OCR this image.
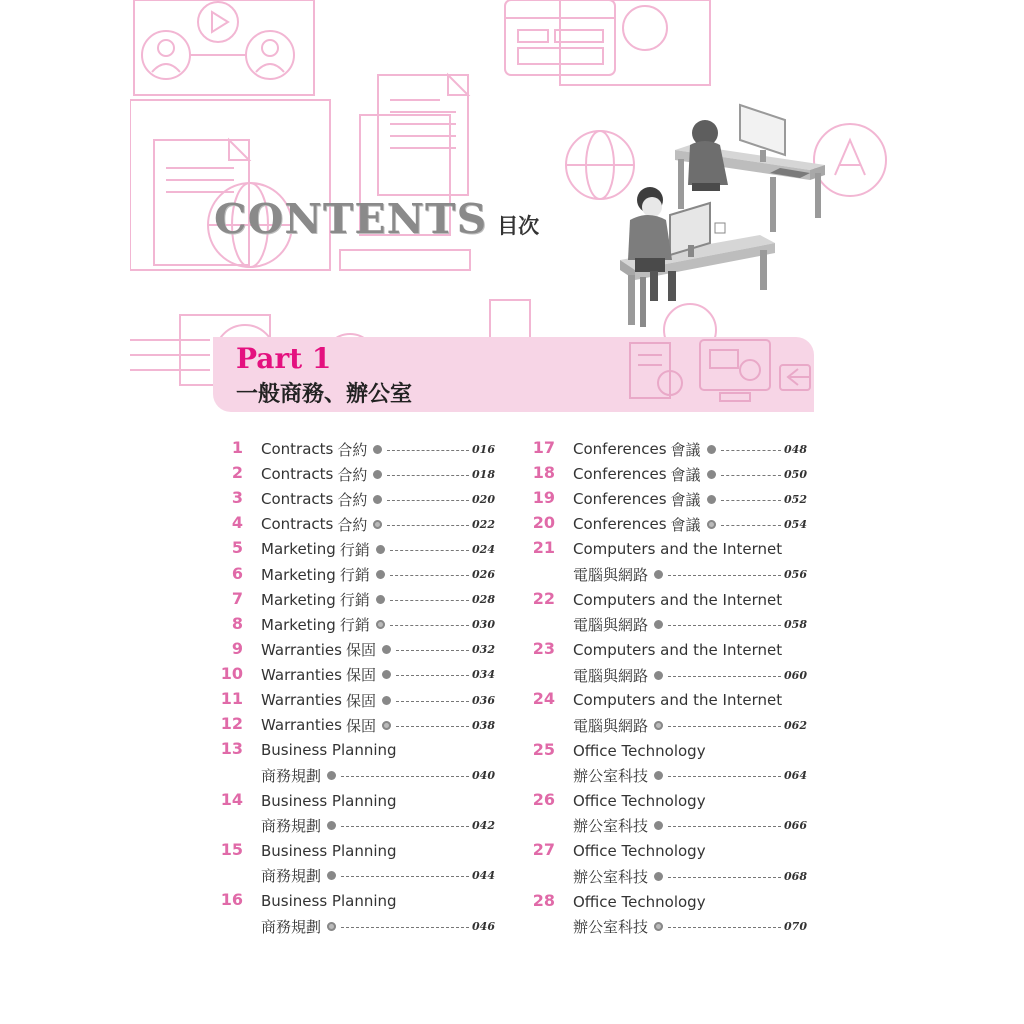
CONTENTS 目次
Part 1
一般商務、辦公室
1 Contracts 合約	016
2 Contracts 合約	018
3 Contracts 合約	020
4 Contracts 合約	022
5 Marketing 行銷	024
6 Marketing 行銷	026
7 Marketing 行銷	028
8 Marketing 行銷	030
9 Warranties 保固	032
10 Warranties 保固	034
11 Warranties 保固	036
12 Warranties 保固	038
13 Business Planning
商務規劃	040
14 Business Planning
商務規劃	042
15 Business Planning
商務規劃	044
16 Business Planning
商務規劃	046
17 Conferences 會議	048
18 Conferences 會議	050
19 Conferences 會議	052
20 Conferences 會議	054
21 Computers and the Internet
電腦與網路	056
22 Computers and the Internet
電腦與網路	058
23 Computers and the Internet
電腦與網路	060
24 Computers and the Internet
電腦與網路	062
25 Office Technology
辦公室科技	064
26 Office Technology
辦公室科技	066
27 Office Technology
辦公室科技	068
28 Office Technology
辦公室科技	070
